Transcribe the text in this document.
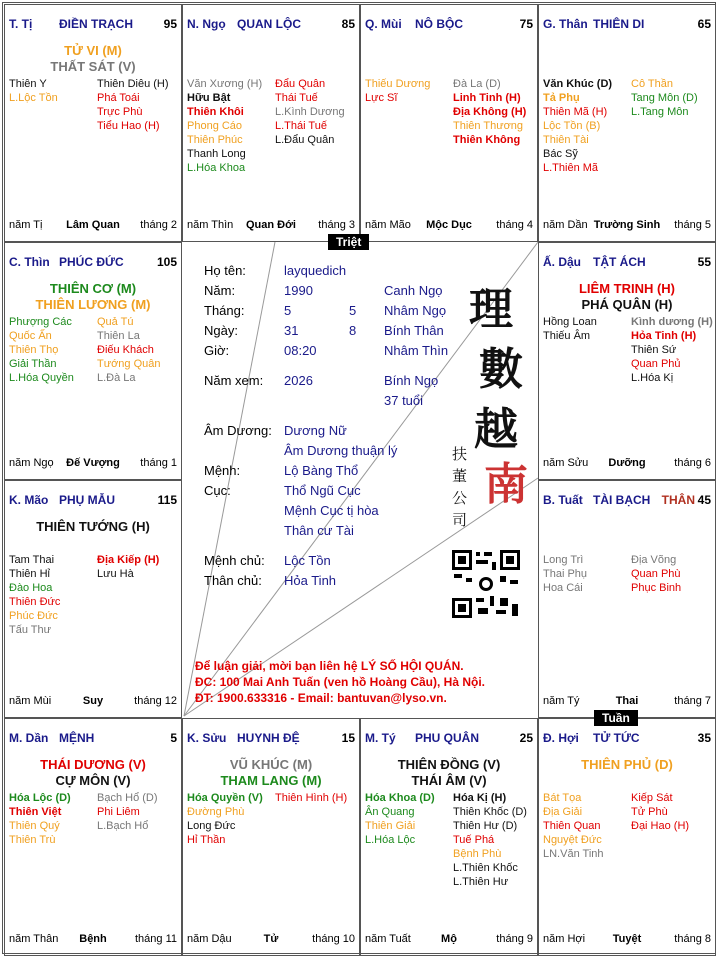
T. Tị ĐIỀN TRẠCH	95
TỬ VI (M)
THẤT SÁT (V)
Thiên Y
L.Lộc Tồn
Thiên Diêu (H)
Phá Toái
Trực Phù
Tiểu Hao (H)
năm Tị	Lâm Quan	tháng 2
N. Ngọ QUAN LỘC	85
Văn Xương (H)
Hữu Bật
Thiên Khôi
Phong Cáo
Thiên Phúc
Thanh Long
L.Hóa Khoa
Đẩu Quân
Thái Tuế
L.Kình Dương
L.Thái Tuế
L.Đẩu Quân
năm Thìn	Quan Đới	tháng 3
Q. Mùi NÔ BỘC	75
Thiếu Dương
Lực Sĩ
Đà La (D)
Linh Tinh (H)
Địa Không (H)
Thiên Thương
Thiên Không
năm Mão	Mộc Dục	tháng 4
G. Thân THIÊN DI	65
Văn Khúc (D)
Tả Phụ
Thiên Mã (H)
Lộc Tồn (B)
Thiên Tài
Bác Sỹ
L.Thiên Mã
Cô Thần
Tang Môn (D)
L.Tang Môn
năm Dần Trường Sinh	tháng 5
Ấ. Dậu TẬT ÁCH	55
LIÊM TRINH (H)
PHÁ QUÂN (H)
Hồng Loan
Thiếu Âm
Kình dương (H)
Hỏa Tinh (H)
Thiên Sứ
Quan Phủ
L.Hóa Kị
năm Sửu	Dưỡng	tháng 6
B. Tuất TÀI BẠCH	45
THÂN
Long Trì
Thai Phụ
Hoa Cái
Địa Võng
Quan Phù
Phục Binh
năm Tý	Thai	tháng 7
Đ. Hợi TỬ TỨC	35
THIÊN PHỦ (D)
Bát Tọa
Địa Giải
Thiên Quan
Nguyệt Đức
LN.Văn Tinh
Kiếp Sát
Tử Phù
Đại Hao (H)
năm Hợi	Tuyệt	tháng 8
M. Tý PHU QUÂN	25
THIÊN ĐỒNG (V)
THÁI ÂM (V)
Hóa Khoa (D)
Ân Quang
Thiên Giải
L.Hóa Lộc
Hóa Kị (H)
Thiên Khốc (D)
Thiên Hư (D)
Tuế Phá
Bệnh Phù
L.Thiên Khốc
L.Thiên Hư
năm Tuất	Mộ	tháng 9
K. Sửu HUYNH ĐỆ	15
VŨ KHÚC (M)
THAM LANG (M)
Hóa Quyền (V)
Đường Phù
Long Đức
Hỉ Thần
Thiên Hình (H)
năm Dậu	Tử	tháng 10
M. Dần MỆNH	5
THÁI DƯƠNG (V)
CỰ MÔN (V)
Hóa Lộc (D)
Thiên Việt
Thiên Quý
Thiên Trù
Bạch Hổ (D)
Phi Liêm
L.Bạch Hổ
năm Thân	Bệnh	tháng 11
K. Mão PHỤ MẪU	115
THIÊN TƯỚNG (H)
Tam Thai
Thiên Hỉ
Đào Hoa
Thiên Đức
Phúc Đức
Tấu Thư
Địa Kiếp (H)
Lưu Hà
năm Mùi	Suy	tháng 12
C. Thìn PHÚC ĐỨC	105
THIÊN CƠ (M)
THIÊN LƯƠNG (M)
Phượng Các
Quốc Ấn
Thiên Thọ
Giải Thần
L.Hóa Quyền
Quả Tú
Thiên La
Điếu Khách
Tướng Quân
L.Đà La
năm Ngọ	Đế Vượng	tháng 1
Họ tên:	layquedich
Năm:	1990	Canh Ngọ
Tháng:	5	5 Nhâm Ngọ
Ngày:	31	8 Bính Thân
Giờ:	08:20	Nhâm Thìn
Năm xem: 2026	Bính Ngọ
37 tuổi
Âm Dương: Dương Nữ
Âm Dương thuận lý
Mệnh:	Lộ Bàng Thổ
Cục:	Thổ Ngũ Cục
Mệnh Cục tị hòa
Thân cư Tài
Mệnh chủ: Lộc Tồn
Thân chủ: Hỏa Tinh
理
數
越
南
扶
董
公
司
Để luận giải, mời bạn liên hệ LÝ SỐ HỘI QUÁN.
ĐC: 100 Mai Anh Tuấn (ven hồ Hoàng Cầu), Hà Nội.
ĐT: 1900.633316 - Email: bantuvan@lyso.vn.
Triệt
Tuần
